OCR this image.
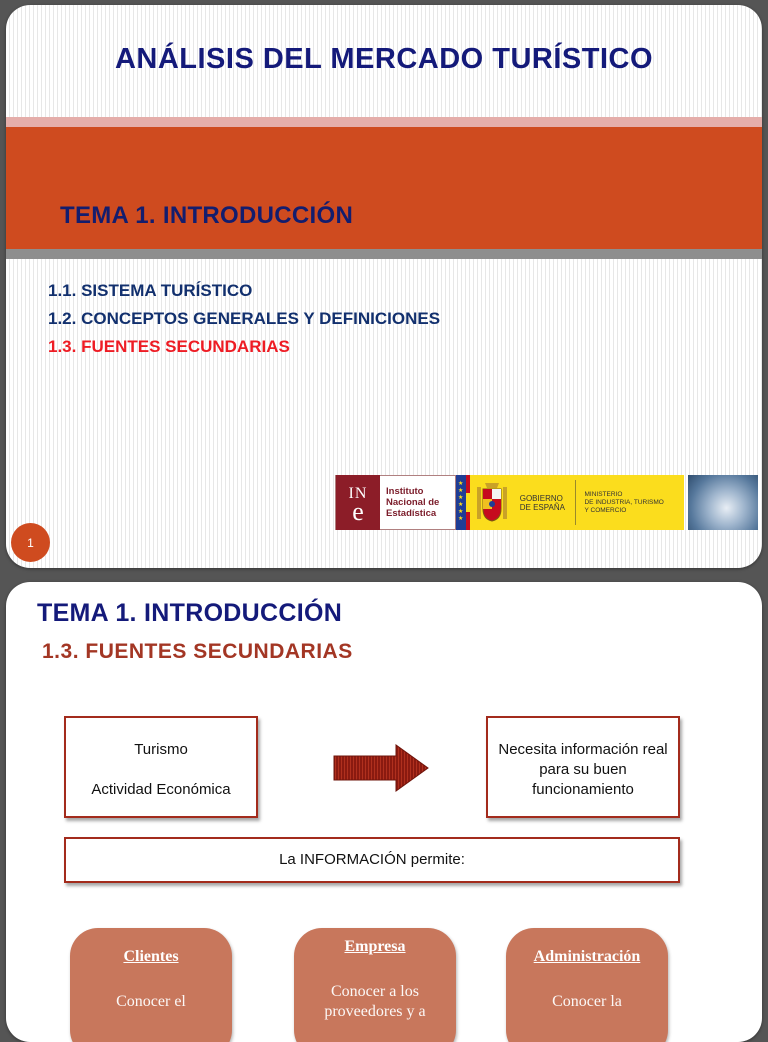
ANÁLISIS DEL MERCADO TURÍSTICO
TEMA 1. INTRODUCCIÓN
1.1. SISTEMA TURÍSTICO
1.2. CONCEPTOS GENERALES Y DEFINICIONES
1.3. FUENTES SECUNDARIAS
IN
e
Instituto
Nacional de
Estadística
★
★
★
★
★
★
GOBIERNO
DE ESPAÑA
MINISTERIO
DE INDUSTRIA, TURISMO
Y COMERCIO
1
TEMA 1. INTRODUCCIÓN
1.3. FUENTES SECUNDARIAS
Turismo
Actividad Económica
Necesita información real para su buen funcionamiento
La INFORMACIÓN permite:
Clientes
Conocer el
Empresa
Conocer a los proveedores y a
Administración
Conocer la
